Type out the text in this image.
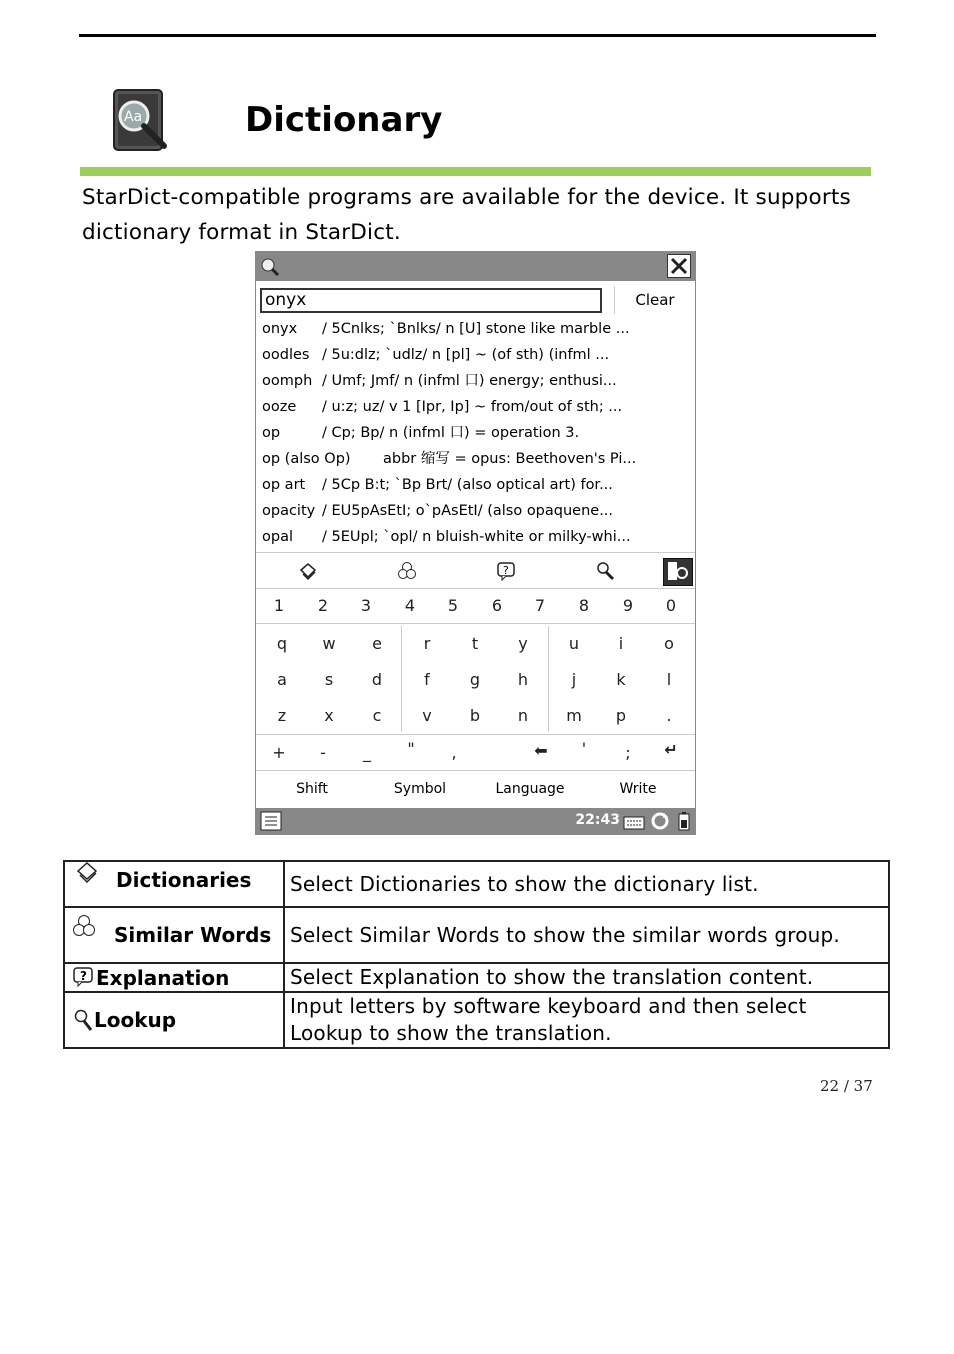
Aa	Dictionary
StarDict-compatible programs are available for the device. It supports dictionary format in StarDict.
onyx	Clear
onyx / 5Cnlks; `Bnlks/ n [U] stone like marble ...
oodles / 5u:dlz; `udlz/ n [pl] ~ (of sth) (infml ...
oomph / Umf; Jmf/ n (infml 口) energy; enthusi...
ooze / u:z; uz/ v 1 [Ipr, Ip] ~ from/out of sth; ...
op	/ Cp; Bp/ n (infml 口) = operation 3.
op (also Op) abbr 缩写 = opus: Beethoven's Pi...
op art / 5Cp B:t; `Bp Brt/ (also optical art) for...
opacity / EU5pAsEtI; o`pAsEtI/ (also opaquene...
opal / 5EUpl; `opl/ n bluish-white or milky-whi...
?
1	2	3	4	5	6	7	8	9	0
q	w	e	r	t	y	u	i	o
a	s	d	f	g	h	j	k	l
z	x	c	v	b	n	m	p	.
+	-	_	"	,	⬅	'	;	↵
Shift	Symbol	Language	Write
22:43
Dictionaries	Select Dictionaries to show the dictionary list.

Similar Words	Select Similar Words to show the similar words group.

? Explanation	Select Explanation to show the translation content.

Lookup	Input letters by software keyboard and then select Lookup to show the translation.
22 / 37
